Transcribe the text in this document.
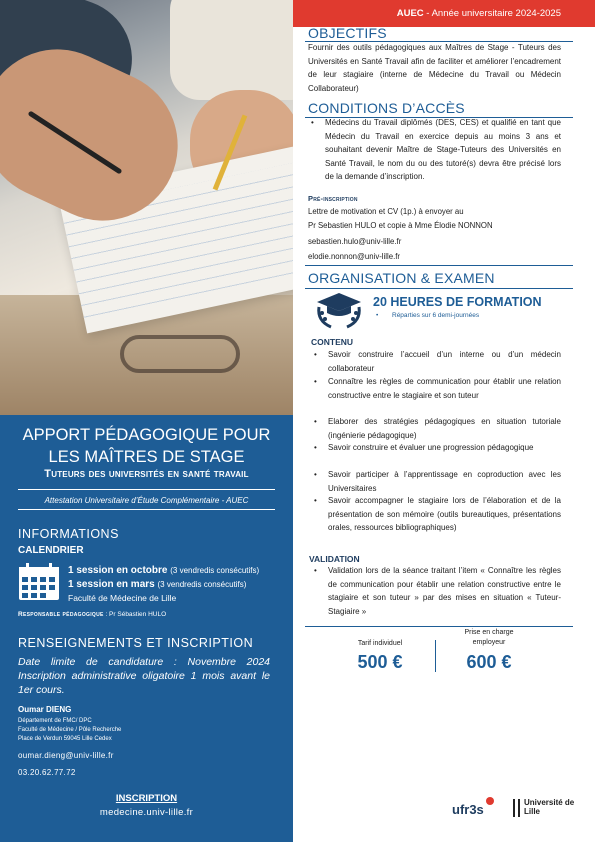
APPORT PÉDAGOGIQUE POUR
LES MAÎTRES DE STAGE
Tuteurs des universités en santé travail
Attestation Universitaire d’Étude Complémentaire - AUEC
INFORMATIONS
CALENDRIER
1 session en octobre (3 vendredis consécutifs)
1 session en mars (3 vendredis consécutifs)
Faculté de Médecine de Lille
Responsable pédagogique : Pr Sébastien HULO
RENSEIGNEMENTS ET INSCRIPTION
Date limite de candidature : Novembre 2024 Inscription administrative oligatoire 1 mois avant le 1er cours.
Oumar DIENG
Département de FMC/ DPC
Faculté de Médecine / Pôle Recherche
Place de Verdun 59045 Lille Cedex
oumar.dieng@univ-lille.fr
03.20.62.77.72
INSCRIPTION
medecine.univ-lille.fr
AUEC - Année universitaire 2024-2025
OBJECTIFS
Fournir des outils pédagogiques aux Maîtres de Stage - Tuteurs des Universités en Santé Travail afin de faciliter et améliorer l’encadrement de leur stagiaire (interne de Médecine du Travail ou Médecin Collaborateur)
CONDITIONS D’ACCÈS
• Médecins du Travail diplômés (DES, CES) et qualifié en tant que Médecin du Travail en exercice depuis au moins 3 ans et souhaitant devenir Maître de Stage-Tuteurs des Universités en Santé Travail, le nom du ou des tutoré(s) devra être précisé lors de la demande d’inscription.
Pré-inscription
Lettre de motivation et CV (1p.) à envoyer au
Pr Sebastien HULO et copie à Mme Élodie NONNON
sebastien.hulo@univ-lille.fr
elodie.nonnon@univ-lille.fr
ORGANISATION & EXAMEN
20 HEURES DE FORMATION
• Réparties sur 6 demi-journées
CONTENU
• Savoir construire l’accueil d’un interne ou d’un médecin collaborateur
• Connaître les règles de communication pour établir une relation constructive entre le stagiaire et son tuteur
• Elaborer des stratégies pédagogiques en situation tutoriale (ingénierie pédagogique)
• Savoir construire et évaluer une progression pédagogique
• Savoir participer à l’apprentissage en coproduction avec les Universitaires
• Savoir accompagner le stagiaire lors de l’élaboration et de la présentation de son mémoire (outils bureautiques, présentations orales, ressources bibliographiques)
VALIDATION
• Validation lors de la séance traitant l’item « Connaître les règles de communication pour établir une relation constructive entre le stagiaire et son tuteur » par des mises en situation « Tuteur-Stagiaire »
Tarif individuel
500 €
Prise en charge employeur
600 €
ufr3s	Université de Lille
